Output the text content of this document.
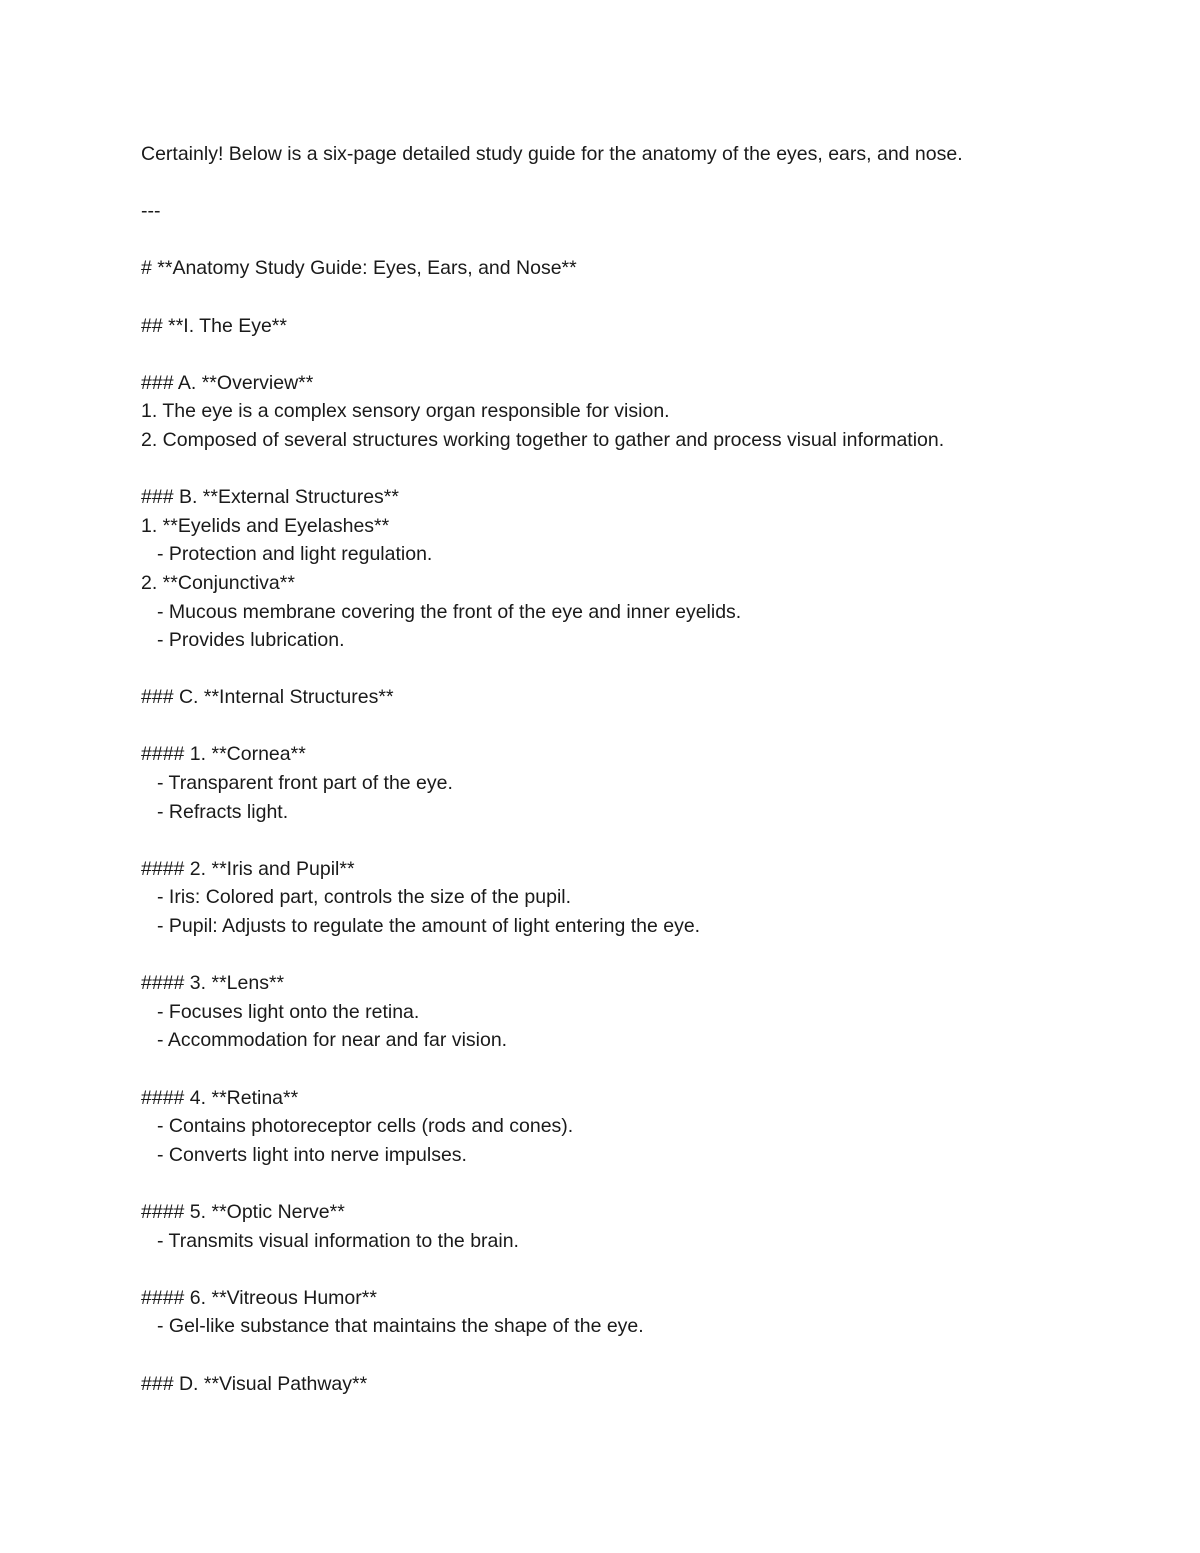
Certainly! Below is a six-page detailed study guide for the anatomy of the eyes, ears, and nose.
---
# **Anatomy Study Guide: Eyes, Ears, and Nose**
## **I. The Eye**
### A. **Overview**
1. The eye is a complex sensory organ responsible for vision.
2. Composed of several structures working together to gather and process visual information.
### B. **External Structures**
1. **Eyelids and Eyelashes**
- Protection and light regulation.
2. **Conjunctiva**
- Mucous membrane covering the front of the eye and inner eyelids.
- Provides lubrication.
### C. **Internal Structures**
#### 1. **Cornea**
- Transparent front part of the eye.
- Refracts light.
#### 2. **Iris and Pupil**
- Iris: Colored part, controls the size of the pupil.
- Pupil: Adjusts to regulate the amount of light entering the eye.
#### 3. **Lens**
- Focuses light onto the retina.
- Accommodation for near and far vision.
#### 4. **Retina**
- Contains photoreceptor cells (rods and cones).
- Converts light into nerve impulses.
#### 5. **Optic Nerve**
- Transmits visual information to the brain.
#### 6. **Vitreous Humor**
- Gel-like substance that maintains the shape of the eye.
### D. **Visual Pathway**
